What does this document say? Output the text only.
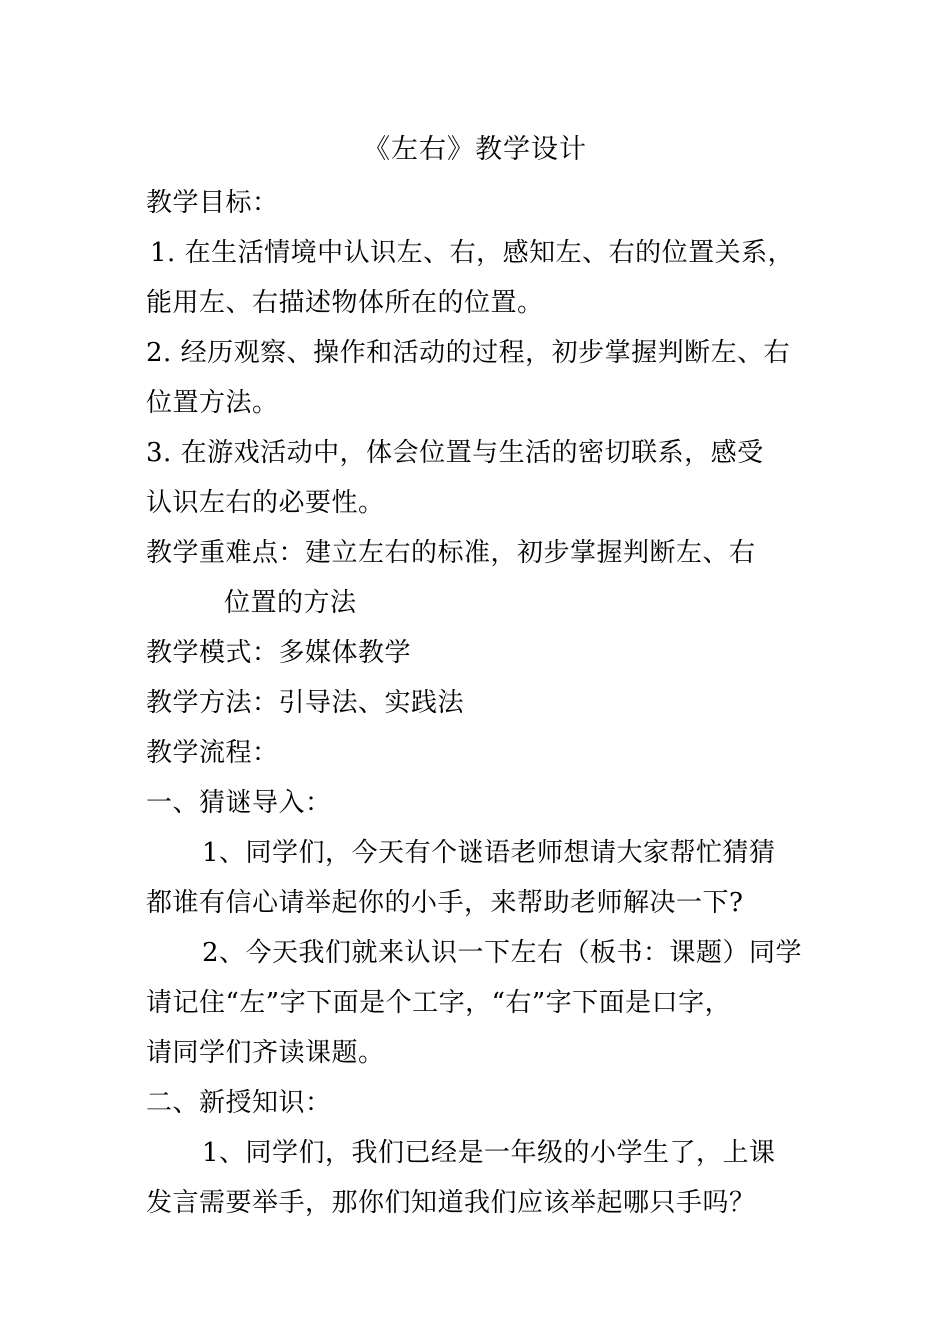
《左右》教学设计
教学目标：
1. 在生活情境中认识左、右，感知左、右的位置关系，
能用左、右描述物体所在的位置。
2. 经历观察、操作和活动的过程，初步掌握判断左、右
位置方法。
3. 在游戏活动中，体会位置与生活的密切联系，感受
认识左右的必要性。
教学重难点：建立左右的标准，初步掌握判断左、右
位置的方法
教学模式：多媒体教学
教学方法：引导法、实践法
教学流程：
一、猜谜导入：
1、同学们，今天有个谜语老师想请大家帮忙猜猜
都谁有信心请举起你的小手，来帮助老师解决一下?
2、今天我们就来认识一下左右（板书：课题）同学
请记住“左”字下面是个工字，“右”字下面是口字，
请同学们齐读课题。
二、新授知识：
1、同学们，我们已经是一年级的小学生了，上课
发言需要举手，那你们知道我们应该举起哪只手吗？
